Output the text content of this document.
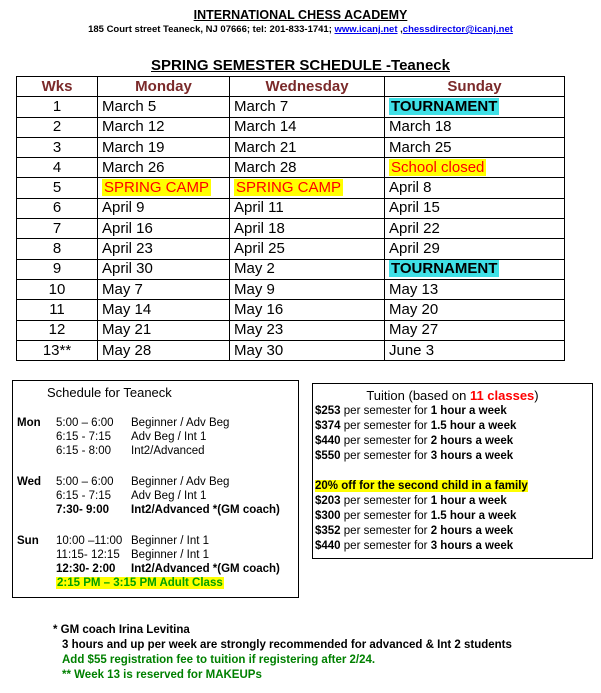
INTERNATIONAL CHESS ACADEMY
185 Court street Teaneck, NJ 07666; tel: 201-833-1741; www.icanj.net ,chessdirector@icanj.net
SPRING SEMESTER SCHEDULE -Teaneck
Wks	Monday	Wednesday	Sunday
1	March 5	March 7	TOURNAMENT
2	March 12	March 14	March 18
3	March 19	March 21	March 25
4	March 26	March 28	School closed
5	SPRING CAMP	SPRING CAMP	April 8
6	April 9	April 11	April 15
7	April 16	April 18	April 22
8	April 23	April 25	April 29
9	April 30	May 2	TOURNAMENT
10	May 7	May 9	May 13
11	May 14	May 16	May 20
12	May 21	May 23	May 27
13**	May 28	May 30	June 3
Schedule for Teaneck
Mon 5:00 – 6:00 Beginner / Adv Beg
6:15 - 7:15 Adv Beg / Int 1
6:15 - 8:00 Int2/Advanced
Wed 5:00 – 6:00 Beginner / Adv Beg
6:15 - 7:15 Adv Beg / Int 1
7:30- 9:00 Int2/Advanced *(GM coach)
Sun 10:00 –11:00 Beginner / Int 1
11:15- 12:15 Beginner / Int 1
12:30- 2:00 Int2/Advanced *(GM coach)
2:15 PM – 3:15 PM Adult Class
Tuition (based on 11 classes)
$253 per semester for 1 hour a week
$374 per semester for 1.5 hour a week
$440 per semester for 2 hours a week
$550 per semester for 3 hours a week
20% off for the second child in a family
$203 per semester for 1 hour a week
$300 per semester for 1.5 hour a week
$352 per semester for 2 hours a week
$440 per semester for 3 hours a week
* GM coach Irina Levitina
3 hours and up per week are strongly recommended for advanced & Int 2 students
Add $55 registration fee to tuition if registering after 2/24.
** Week 13 is reserved for MAKEUPs
